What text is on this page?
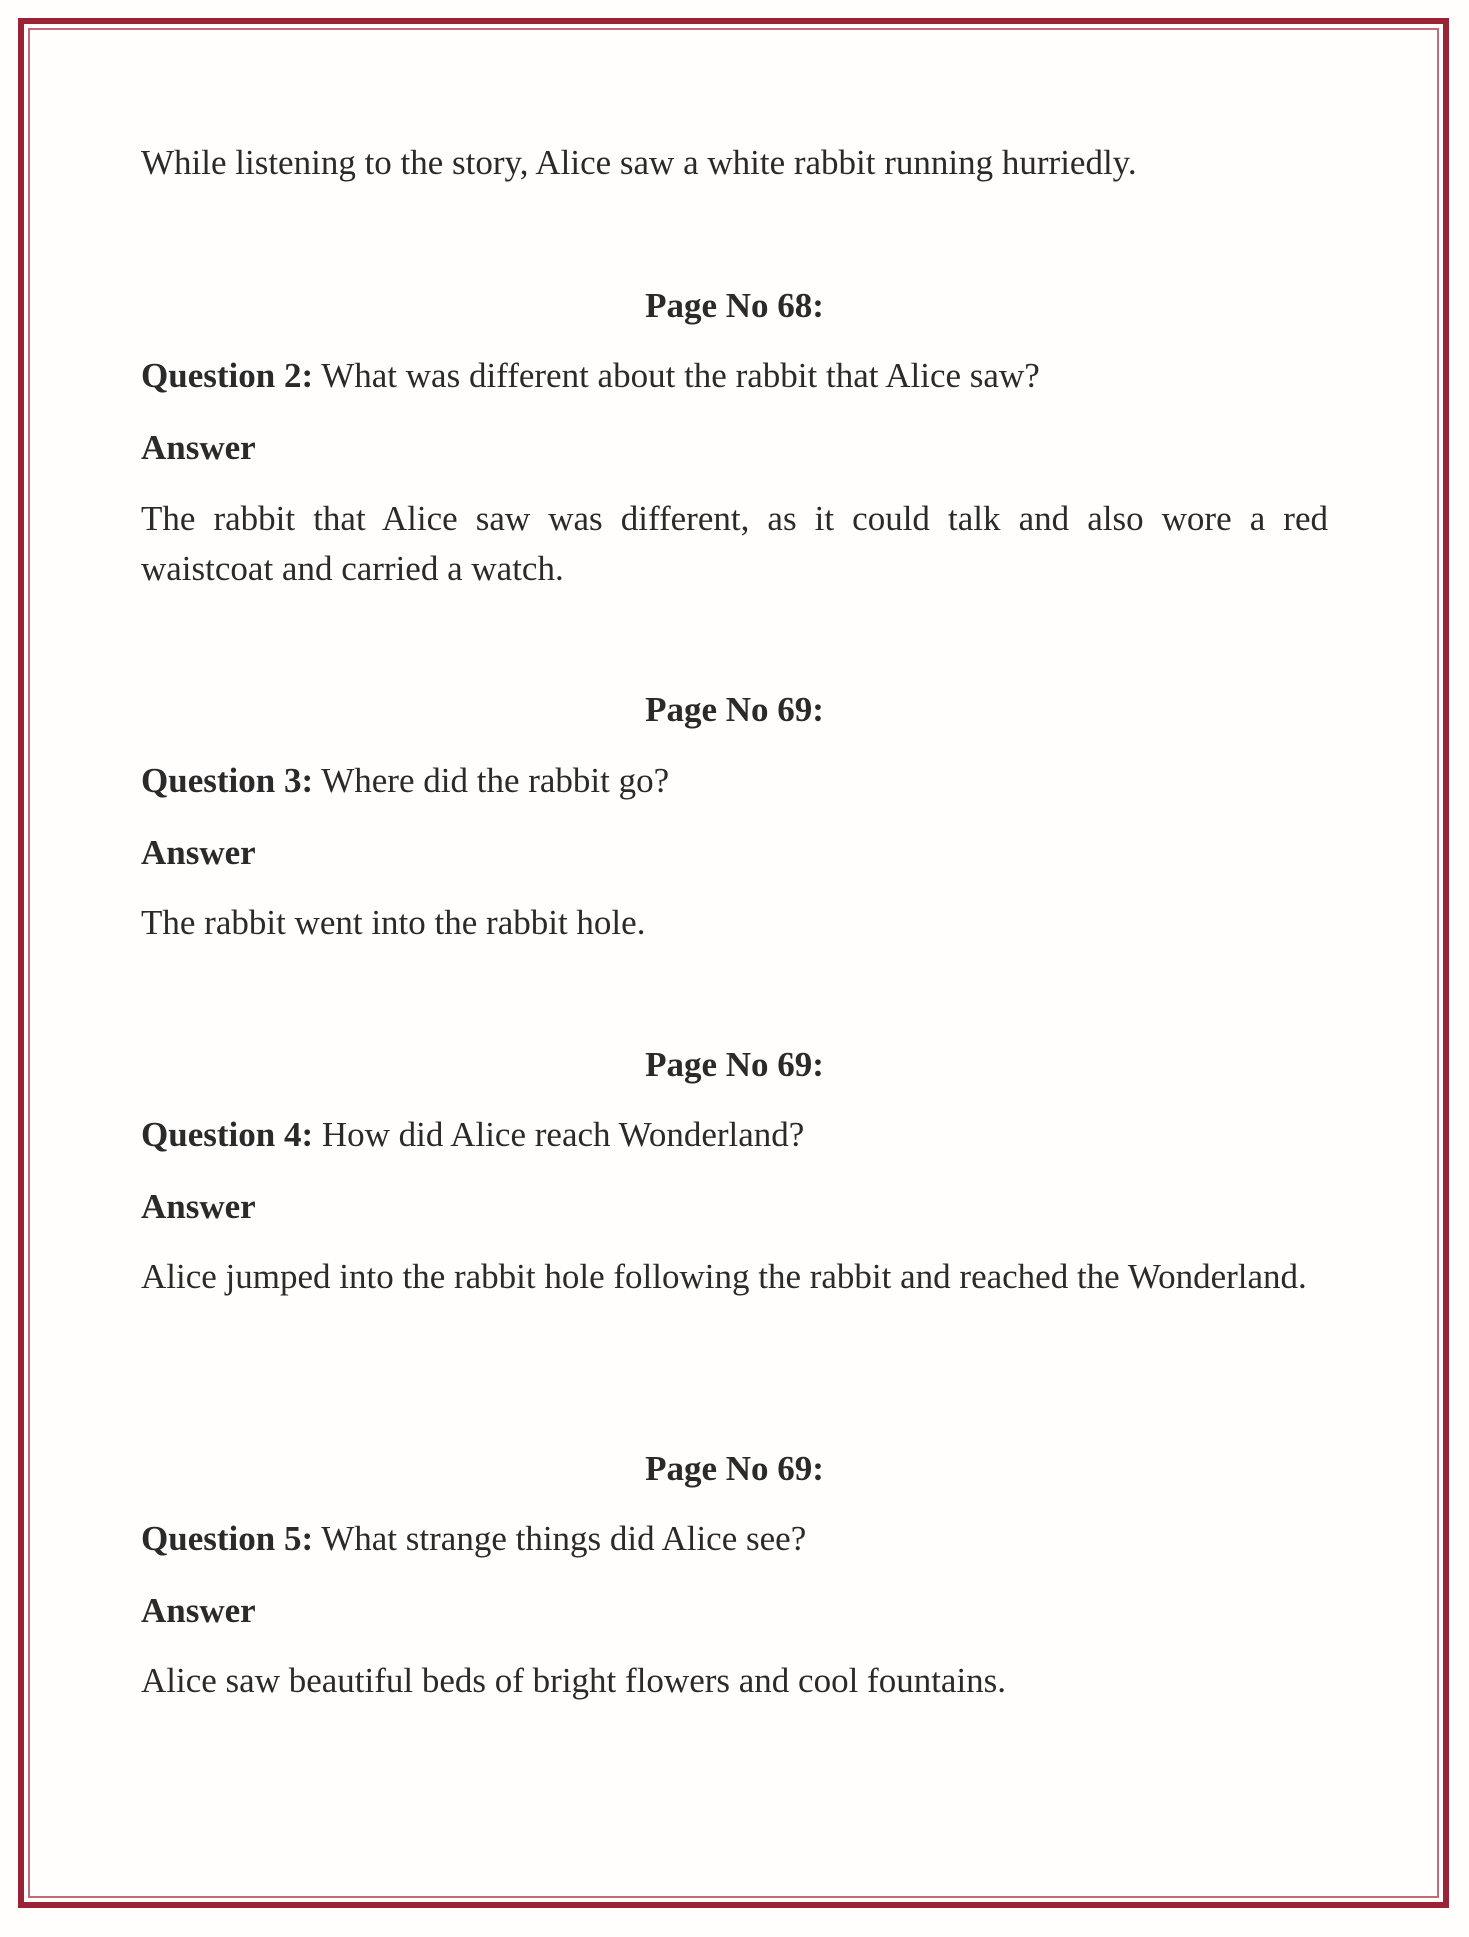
While listening to the story, Alice saw a white rabbit running hurriedly.
Page No 68:
Question 2: What was different about the rabbit that Alice saw?
Answer
The rabbit that Alice saw was different, as it could talk and also wore a red waistcoat and carried a watch.
Page No 69:
Question 3: Where did the rabbit go?
Answer
The rabbit went into the rabbit hole.
Page No 69:
Question 4: How did Alice reach Wonderland?
Answer
Alice jumped into the rabbit hole following the rabbit and reached the Wonderland.
Page No 69:
Question 5: What strange things did Alice see?
Answer
Alice saw beautiful beds of bright flowers and cool fountains.
